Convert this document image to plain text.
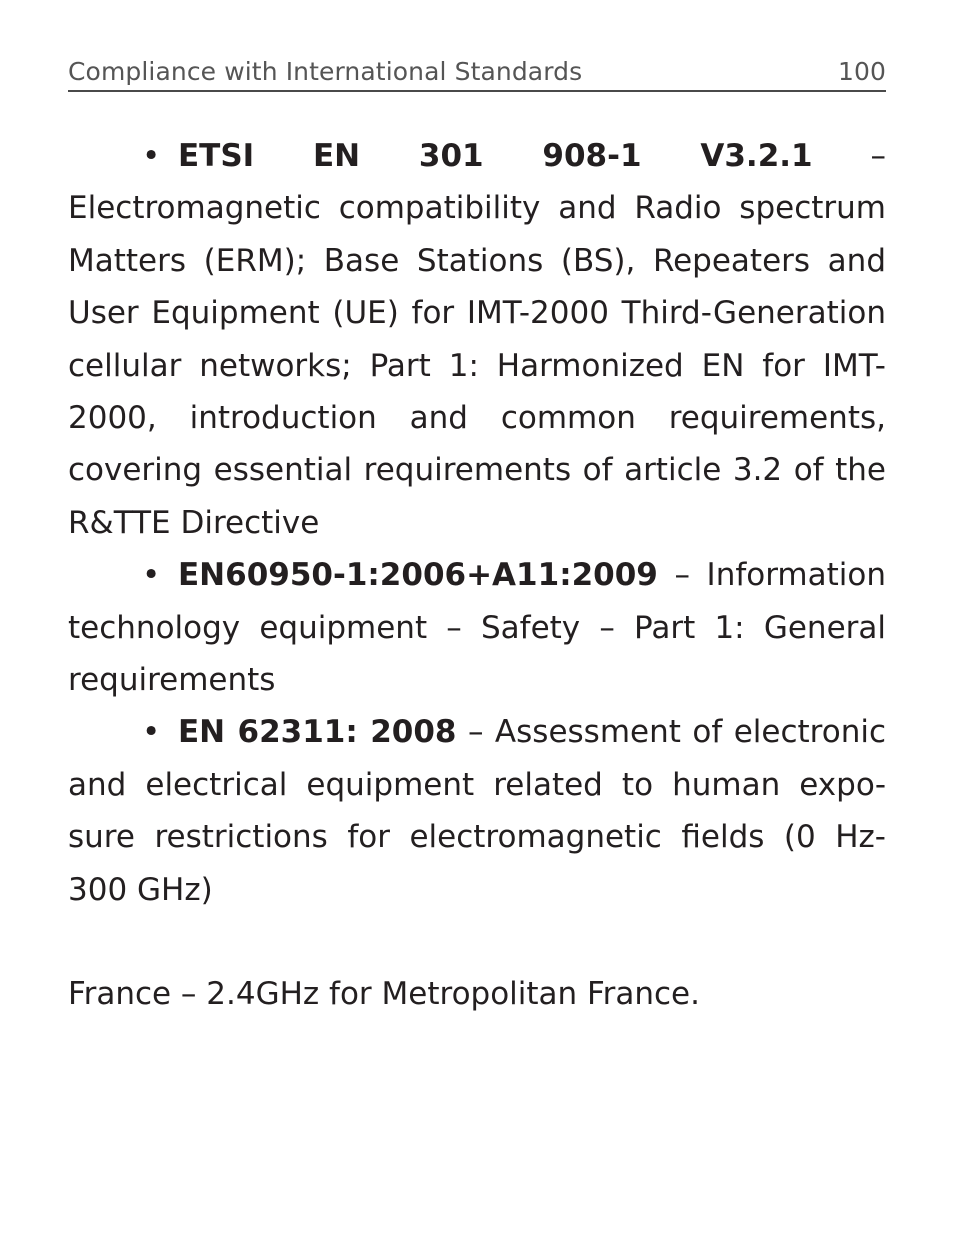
Compliance with International Standards	100

• ETSI EN 301 908-1 V3.2.1 – Electromagnetic compatibility and Radio spectrum Matters (ERM); Base Stations (BS), Repeaters and User Equipment (UE) for IMT-2000 Third-Generation cellular networks; Part 1: Harmonized EN for IMT-2000, introduction and common requirements, covering essential requirements of article 3.2 of the R&TTE Directive

• EN60950-1:2006+A11:2009 – Information technology equipment – Safety – Part 1: General requirements

• EN 62311: 2008 – Assessment of electronic and electrical equipment related to human exposure restrictions for electromagnetic fields (0 Hz-300 GHz)

France – 2.4GHz for Metropolitan France.
